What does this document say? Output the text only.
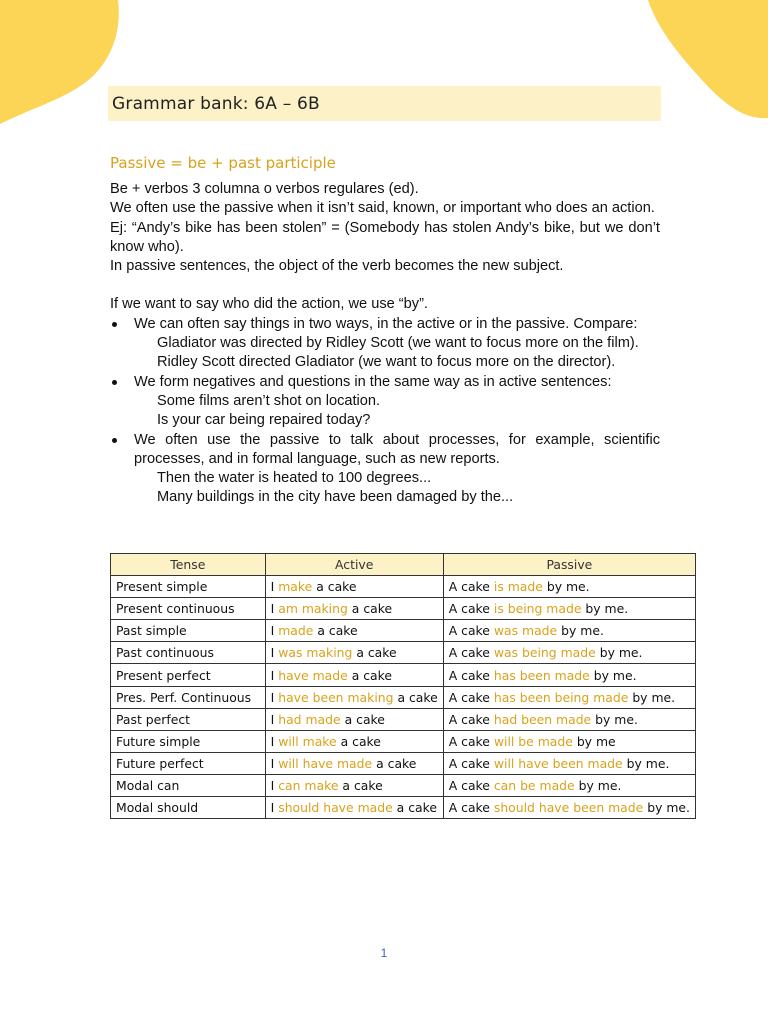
Grammar bank: 6A – 6B
Passive = be + past participle

Be + verbos 3 columna o verbos regulares (ed).

We often use the passive when it isn’t said, known, or important who does an action.

Ej: “Andy’s bike has been stolen” = (Somebody has stolen Andy’s bike, but we don’t know who).

In passive sentences, the object of the verb becomes the new subject.

If we want to say who did the action, we use “by”.

We can often say things in two ways, in the active or in the passive. Compare:

Gladiator was directed by Ridley Scott (we want to focus more on the film).

Ridley Scott directed Gladiator (we want to focus more on the director).

We form negatives and questions in the same way as in active sentences:

Some films aren’t shot on location.

Is your car being repaired today?

We often use the passive to talk about processes, for example, scientific processes, and in formal language, such as new reports.

Then the water is heated to 100 degrees...

Many buildings in the city have been damaged by the...

Tense	Active	Passive
Present simple	I make a cake	A cake is made by me.
Present continuous	I am making a cake	A cake is being made by me.
Past simple	I made a cake	A cake was made by me.
Past continuous	I was making a cake	A cake was being made by me.
Present perfect	I have made a cake	A cake has been made by me.
Pres. Perf. Continuous	I have been making a cake	A cake has been being made by me.
Past perfect	I had made a cake	A cake had been made by me.
Future simple	I will make a cake	A cake will be made by me
Future perfect	I will have made a cake	A cake will have been made by me.
Modal can	I can make a cake	A cake can be made by me.
Modal should	I should have made a cake	A cake should have been made by me.
1
